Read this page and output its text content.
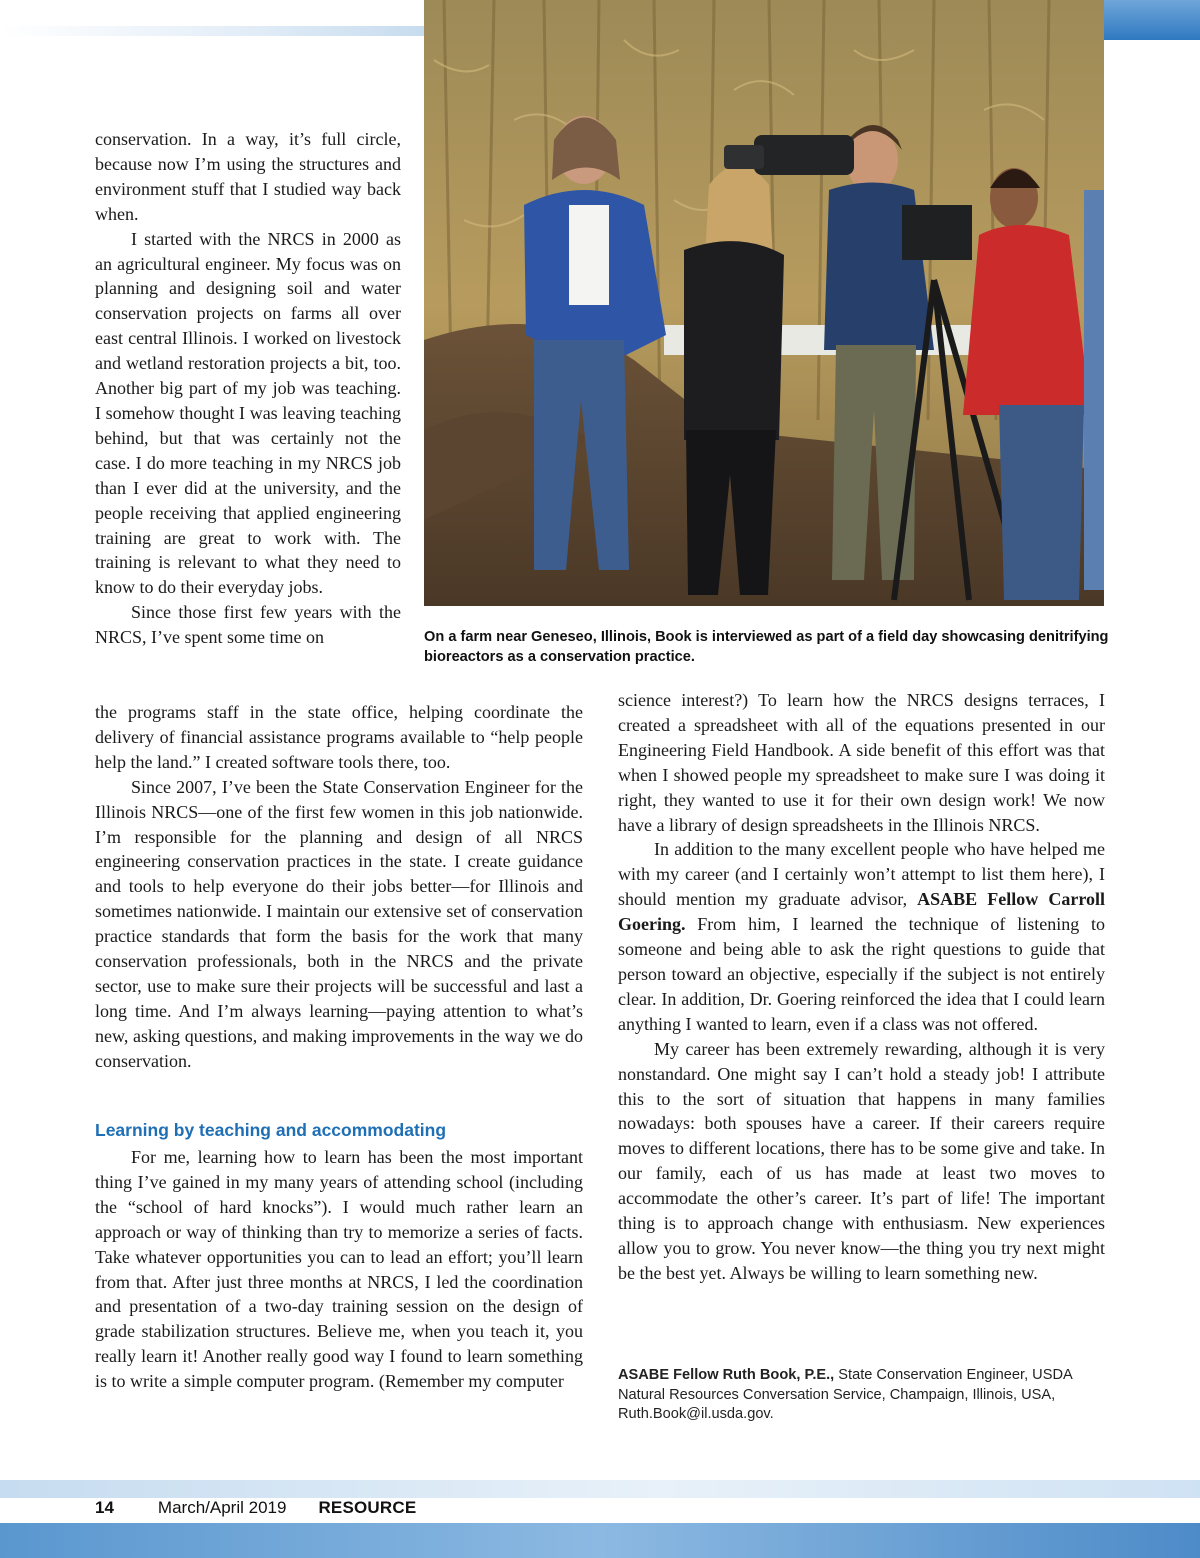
On a farm near Geneseo, Illinois, Book is interviewed as part of a field day showcasing denitrifying bioreactors as a conservation practice.

conservation. In a way, it’s full circle, because now I’m using the structures and environment stuff that I studied way back when.

I started with the NRCS in 2000 as an agricultural engineer. My focus was on planning and designing soil and water conservation projects on farms all over east central Illinois. I worked on livestock and wetland restoration projects a bit, too. Another big part of my job was teaching. I somehow thought I was leaving teaching behind, but that was certainly not the case. I do more teaching in my NRCS job than I ever did at the university, and the people receiving that applied engineering training are great to work with. The training is relevant to what they need to know to do their everyday jobs.

Since those first few years with the NRCS, I’ve spent some time on

the programs staff in the state office, helping coordinate the delivery of financial assistance programs available to “help people help the land.” I created software tools there, too.

Since 2007, I’ve been the State Conservation Engineer for the Illinois NRCS—one of the first few women in this job nationwide. I’m responsible for the planning and design of all NRCS engineering conservation practices in the state. I create guidance and tools to help everyone do their jobs better—for Illinois and sometimes nationwide. I maintain our extensive set of conservation practice standards that form the basis for the work that many conservation professionals, both in the NRCS and the private sector, use to make sure their projects will be successful and last a long time. And I’m always learning—paying attention to what’s new, asking questions, and making improvements in the way we do conservation.

Learning by teaching and accommodating

For me, learning how to learn has been the most important thing I’ve gained in my many years of attending school (including the “school of hard knocks”). I would much rather learn an approach or way of thinking than try to memorize a series of facts. Take whatever opportunities you can to lead an effort; you’ll learn from that. After just three months at NRCS, I led the coordination and presentation of a two-day training session on the design of grade stabilization structures. Believe me, when you teach it, you really learn it! Another really good way I found to learn something is to write a simple computer program. (Remember my computer

science interest?) To learn how the NRCS designs terraces, I created a spreadsheet with all of the equations presented in our Engineering Field Handbook. A side benefit of this effort was that when I showed people my spreadsheet to make sure I was doing it right, they wanted to use it for their own design work! We now have a library of design spreadsheets in the Illinois NRCS.

In addition to the many excellent people who have helped me with my career (and I certainly won’t attempt to list them here), I should mention my graduate advisor, ASABE Fellow Carroll Goering. From him, I learned the technique of listening to someone and being able to ask the right questions to guide that person toward an objective, especially if the subject is not entirely clear. In addition, Dr. Goering reinforced the idea that I could learn anything I wanted to learn, even if a class was not offered.

My career has been extremely rewarding, although it is very nonstandard. One might say I can’t hold a steady job! I attribute this to the sort of situation that happens in many families nowadays: both spouses have a career. If their careers require moves to different locations, there has to be some give and take. In our family, each of us has made at least two moves to accommodate the other’s career. It’s part of life! The important thing is to approach change with enthusiasm. New experiences allow you to grow. You never know—the thing you try next might be the best yet. Always be willing to learn something new.

ASABE Fellow Ruth Book, P.E., State Conservation Engineer, USDA Natural Resources Conversation Service, Champaign, Illinois, USA, Ruth.Book@il.usda.gov.
14	March/April 2019 RESOURCE
